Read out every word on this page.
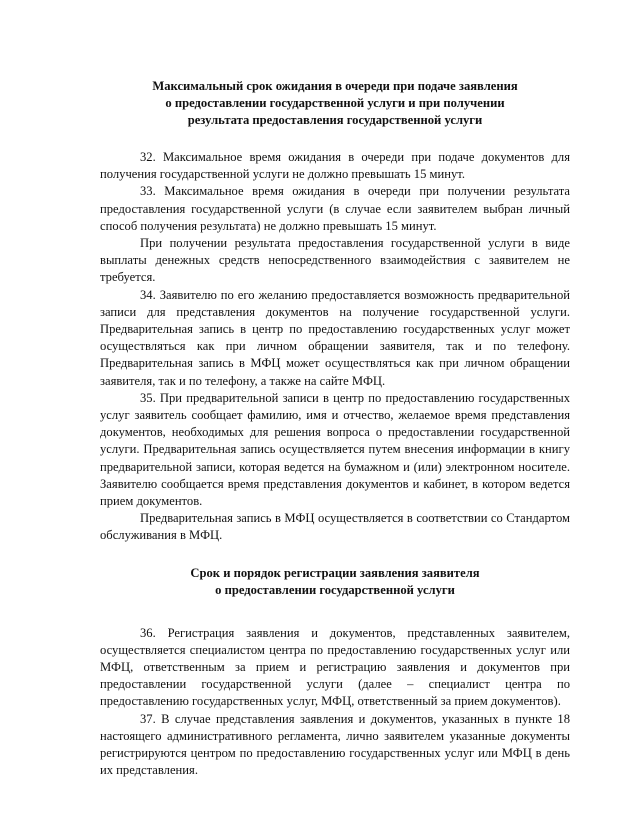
Максимальный срок ожидания в очереди при подаче заявления
о предоставлении государственной услуги и при получении
результата предоставления государственной услуги

32. Максимальное время ожидания в очереди при подаче документов для получения государственной услуги не должно превышать 15 минут.

33. Максимальное время ожидания в очереди при получении результата предоставления государственной услуги (в случае если заявителем выбран личный способ получения результата) не должно превышать 15 минут.

При получении результата предоставления государственной услуги в виде выплаты денежных средств непосредственного взаимодействия с заявителем не требуется.

34. Заявителю по его желанию предоставляется возможность предварительной записи для представления документов на получение государственной услуги. Предварительная запись в центр по предоставлению государственных услуг может осуществляться как при личном обращении заявителя, так и по телефону. Предварительная запись в МФЦ может осуществляться как при личном обращении заявителя, так и по телефону, а также на сайте МФЦ.

35. При предварительной записи в центр по предоставлению государственных услуг заявитель сообщает фамилию, имя и отчество, желаемое время представления документов, необходимых для решения вопроса о предоставлении государственной услуги. Предварительная запись осуществляется путем внесения информации в книгу предварительной записи, которая ведется на бумажном и (или) электронном носителе. Заявителю сообщается время представления документов и кабинет, в котором ведется прием документов.

Предварительная запись в МФЦ осуществляется в соответствии со Стандартом обслуживания в МФЦ.

Срок и порядок регистрации заявления заявителя
о предоставлении государственной услуги

36. Регистрация заявления и документов, представленных заявителем, осуществляется специалистом центра по предоставлению государственных услуг или МФЦ, ответственным за прием и регистрацию заявления и документов при предоставлении государственной услуги (далее – специалист центра по предоставлению государственных услуг, МФЦ, ответственный за прием документов).

37. В случае представления заявления и документов, указанных в пункте 18 настоящего административного регламента, лично заявителем указанные документы регистрируются центром по предоставлению государственных услуг или МФЦ в день их представления.
